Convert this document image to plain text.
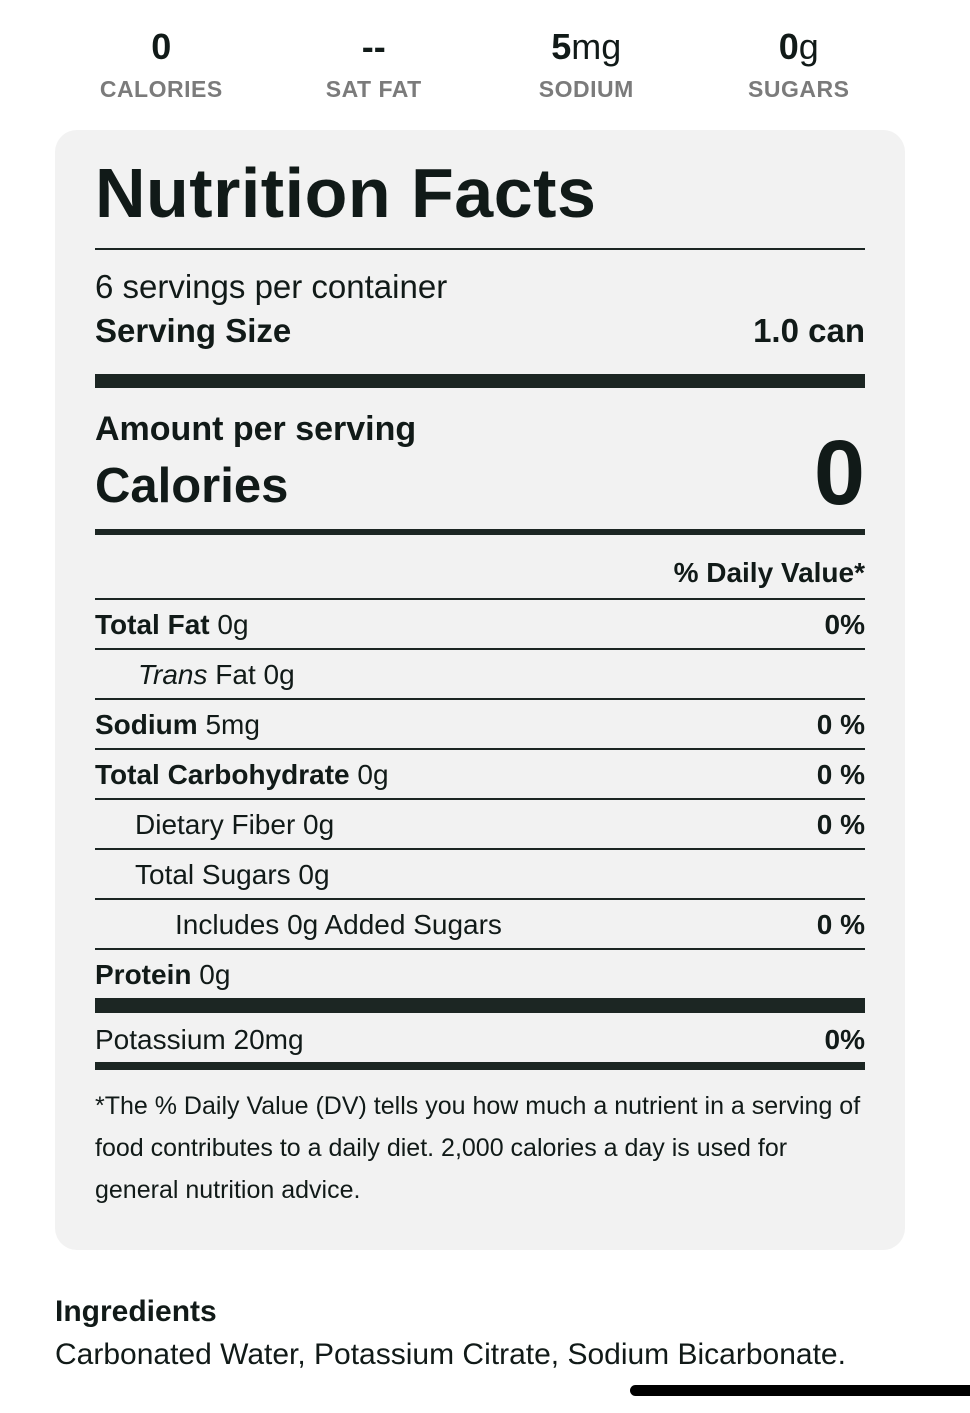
0
CALORIES
--
SAT FAT
5mg
SODIUM
0g
SUGARS
Nutrition Facts
6 servings per container
Serving Size	1.0 can
Amount per serving
Calories	0
% Daily Value*
Total Fat 0g	0%
Trans Fat 0g
Sodium 5mg	0 %
Total Carbohydrate 0g	0 %
Dietary Fiber 0g	0 %
Total Sugars 0g
Includes 0g Added Sugars	0 %
Protein 0g
Potassium 20mg	0%
*The % Daily Value (DV) tells you how much a nutrient in a serving of food contributes to a daily diet. 2,000 calories a day is used for general nutrition advice.
Ingredients
Carbonated Water, Potassium Citrate, Sodium Bicarbonate.
